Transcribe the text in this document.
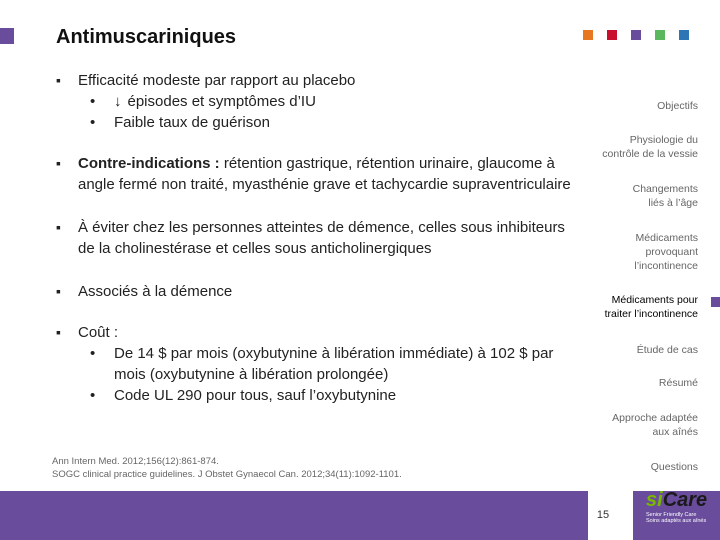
Antimuscariniques
▪ Efficacité modeste par rapport au placebo
• ↓ épisodes et symptômes d’IU
• Faible taux de guérison
▪ Contre-indications : rétention gastrique, rétention urinaire, glaucome à angle fermé non traité, myasthénie grave et tachycardie supraventriculaire
▪ À éviter chez les personnes atteintes de démence, celles sous inhibiteurs de la cholinestérase et celles sous anticholinergiques
▪ Associés à la démence
▪ Coût :
• De 14 $ par mois (oxybutynine à libération immédiate) à 102 $ par mois (oxybutynine à libération prolongée)
• Code UL 290 pour tous, sauf l’oxybutynine
Ann Intern Med. 2012;156(12):861-874.
SOGC clinical practice guidelines. J Obstet Gynaecol Can. 2012;34(11):1092-1101.
Objectifs
Physiologie du contrôle de la vessie
Changements liés à l’âge
Médicaments provoquant l’incontinence
Médicaments pour traiter l’incontinence
Étude de cas
Résumé
Approche adaptée aux aînés
Questions
15
siCare
Senior Friendly Care
Soins adaptés aux aînés
